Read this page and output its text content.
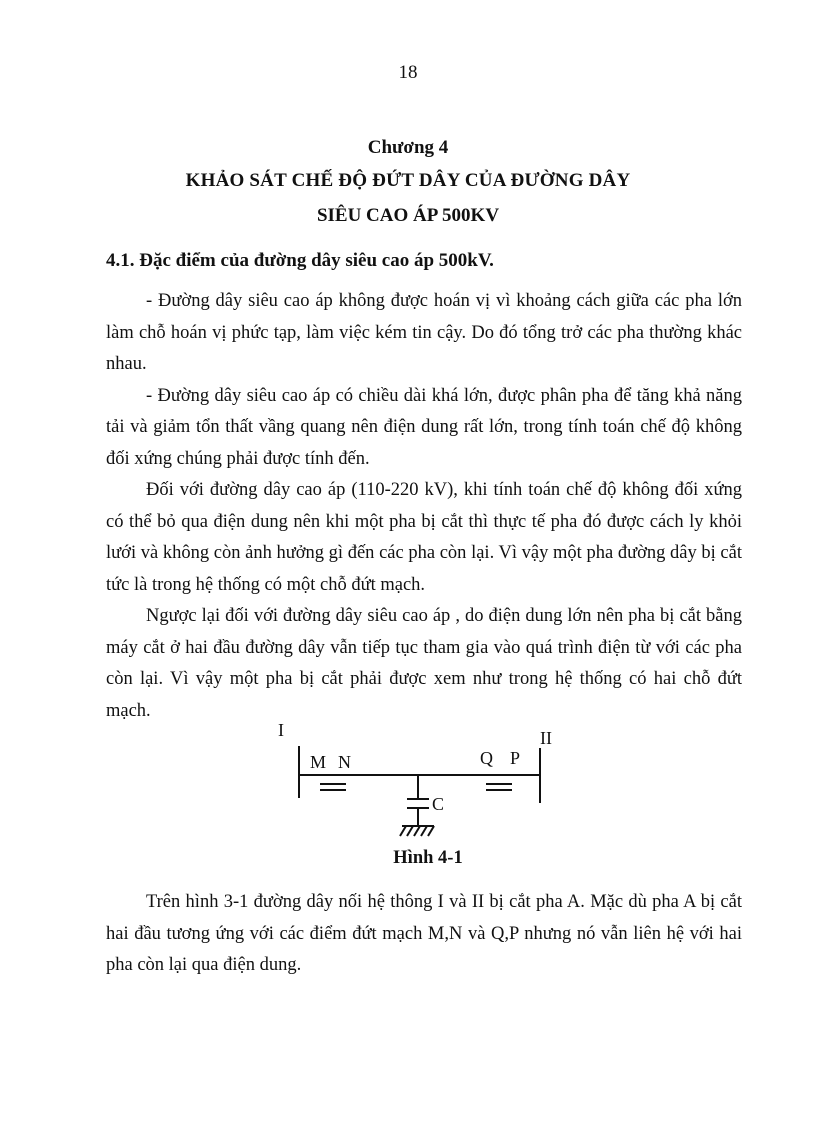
18
Chương 4
KHẢO SÁT CHẾ ĐỘ ĐỨT DÂY CỦA ĐƯỜNG DÂY
SIÊU CAO ÁP 500KV
4.1. Đặc điểm của đường dây siêu cao áp 500kV.

- Đường dây siêu cao áp không được hoán vị vì khoảng cách giữa các pha lớn làm chỗ hoán vị phức tạp, làm việc kém tin cậy. Do đó tổng trở các pha thường khác nhau.

- Đường dây siêu cao áp có chiều dài khá lớn, được phân pha để tăng khả năng tải và giảm tổn thất vầng quang nên điện dung rất lớn, trong tính toán chế độ không đối xứng chúng phải được tính đến.

Đối với đường dây cao áp (110-220 kV), khi tính toán chế độ không đối xứng có thể bỏ qua điện dung nên khi một pha bị cắt thì thực tế pha đó được cách ly khỏi lưới và không còn ảnh hưởng gì đến các pha còn lại. Vì vậy một pha đường dây bị cắt tức là trong hệ thống có một chỗ đứt mạch.

Ngược lại đối với đường dây siêu cao áp , do điện dung lớn nên pha bị cắt bằng máy cắt ở hai đầu đường dây vẫn tiếp tục tham gia vào quá trình điện từ với các pha còn lại. Vì vậy một pha bị cắt phải được xem như trong hệ thống có hai chỗ đứt mạch.

I	II
M N	Q P
C
Hình 4-1

Trên hình 3-1 đường dây nối hệ thông I và II bị cắt pha A. Mặc dù pha A bị cắt hai đầu tương ứng với các điểm đứt mạch M,N và Q,P nhưng nó vẫn liên hệ với hai pha còn lại qua điện dung.
